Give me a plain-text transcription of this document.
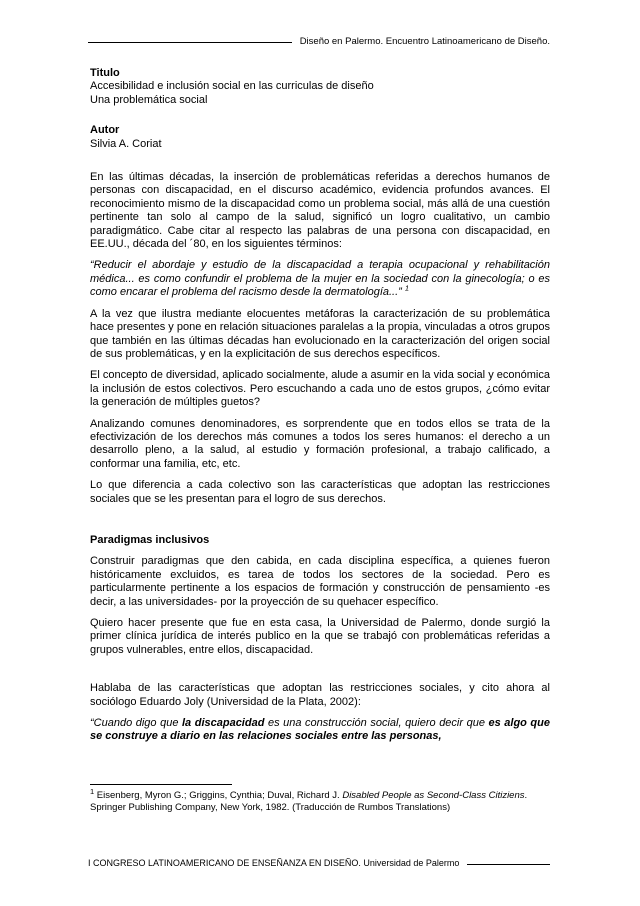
Diseño en Palermo. Encuentro Latinoamericano de Diseño.
Titulo
Accesibilidad e inclusión social en las curriculas de diseño
Una problemática social
Autor
Silvia A. Coriat
En las últimas décadas, la inserción de problemáticas referidas a derechos humanos de personas con discapacidad, en el discurso académico, evidencia profundos avances. El reconocimiento mismo de la discapacidad como un problema social, más allá de una cuestión pertinente tan solo al campo de la salud, significó un logro cualitativo, un cambio paradigmático. Cabe citar al respecto las palabras de una persona con discapacidad, en EE.UU., década del ´80, en los siguientes términos:
“Reducir el abordaje y estudio de la discapacidad a terapia ocupacional y rehabilitación médica... es como confundir el problema de la mujer en la sociedad con la ginecología; o es como encarar el problema del racismo desde la dermatología...” $^1$
A la vez que ilustra mediante elocuentes metáforas la caracterización de su problemática hace presentes y pone en relación situaciones paralelas a la propia, vinculadas a otros grupos que también en las últimas décadas han evolucionado en la caracterización del origen social de sus problemáticas, y en la explicitación de sus derechos específicos.
El concepto de diversidad, aplicado socialmente, alude a asumir en la vida social y económica la inclusión de estos colectivos. Pero escuchando a cada uno de estos grupos, ¿cómo evitar la generación de múltiples guetos?
Analizando comunes denominadores, es sorprendente que en todos ellos se trata de la efectivización de los derechos más comunes a todos los seres humanos: el derecho a un desarrollo pleno, a la salud, al estudio y formación profesional, a trabajo calificado, a conformar una familia, etc, etc.
Lo que diferencia a cada colectivo son las características que adoptan las restricciones sociales que se les presentan para el logro de sus derechos.
Paradigmas inclusivos
Construir paradigmas que den cabida, en cada disciplina específica, a quienes fueron históricamente excluidos, es tarea de todos los sectores de la sociedad. Pero es particularmente pertinente a los espacios de formación y construcción de pensamiento -es decir, a las universidades- por la proyección de su quehacer específico.
Quiero hacer presente que fue en esta casa, la Universidad de Palermo, donde surgió la primer clínica jurídica de interés publico en la que se trabajó con problemáticas referidas a grupos vulnerables, entre ellos, discapacidad.
Hablaba de las características que adoptan las restricciones sociales, y cito ahora al sociólogo Eduardo Joly (Universidad de la Plata, 2002):
“Cuando digo que la discapacidad es una construcción social, quiero decir que es algo que se construye a diario en las relaciones sociales entre las personas,
$^1$ Eisenberg, Myron G.; Griggins, Cynthia; Duval, Richard J. Disabled People as Second-Class Citiziens. Springer Publishing Company, New York, 1982. (Traducción de Rumbos Translations)
I CONGRESO LATINOAMERICANO DE ENSEÑANZA EN DISEÑO. Universidad de Palermo
